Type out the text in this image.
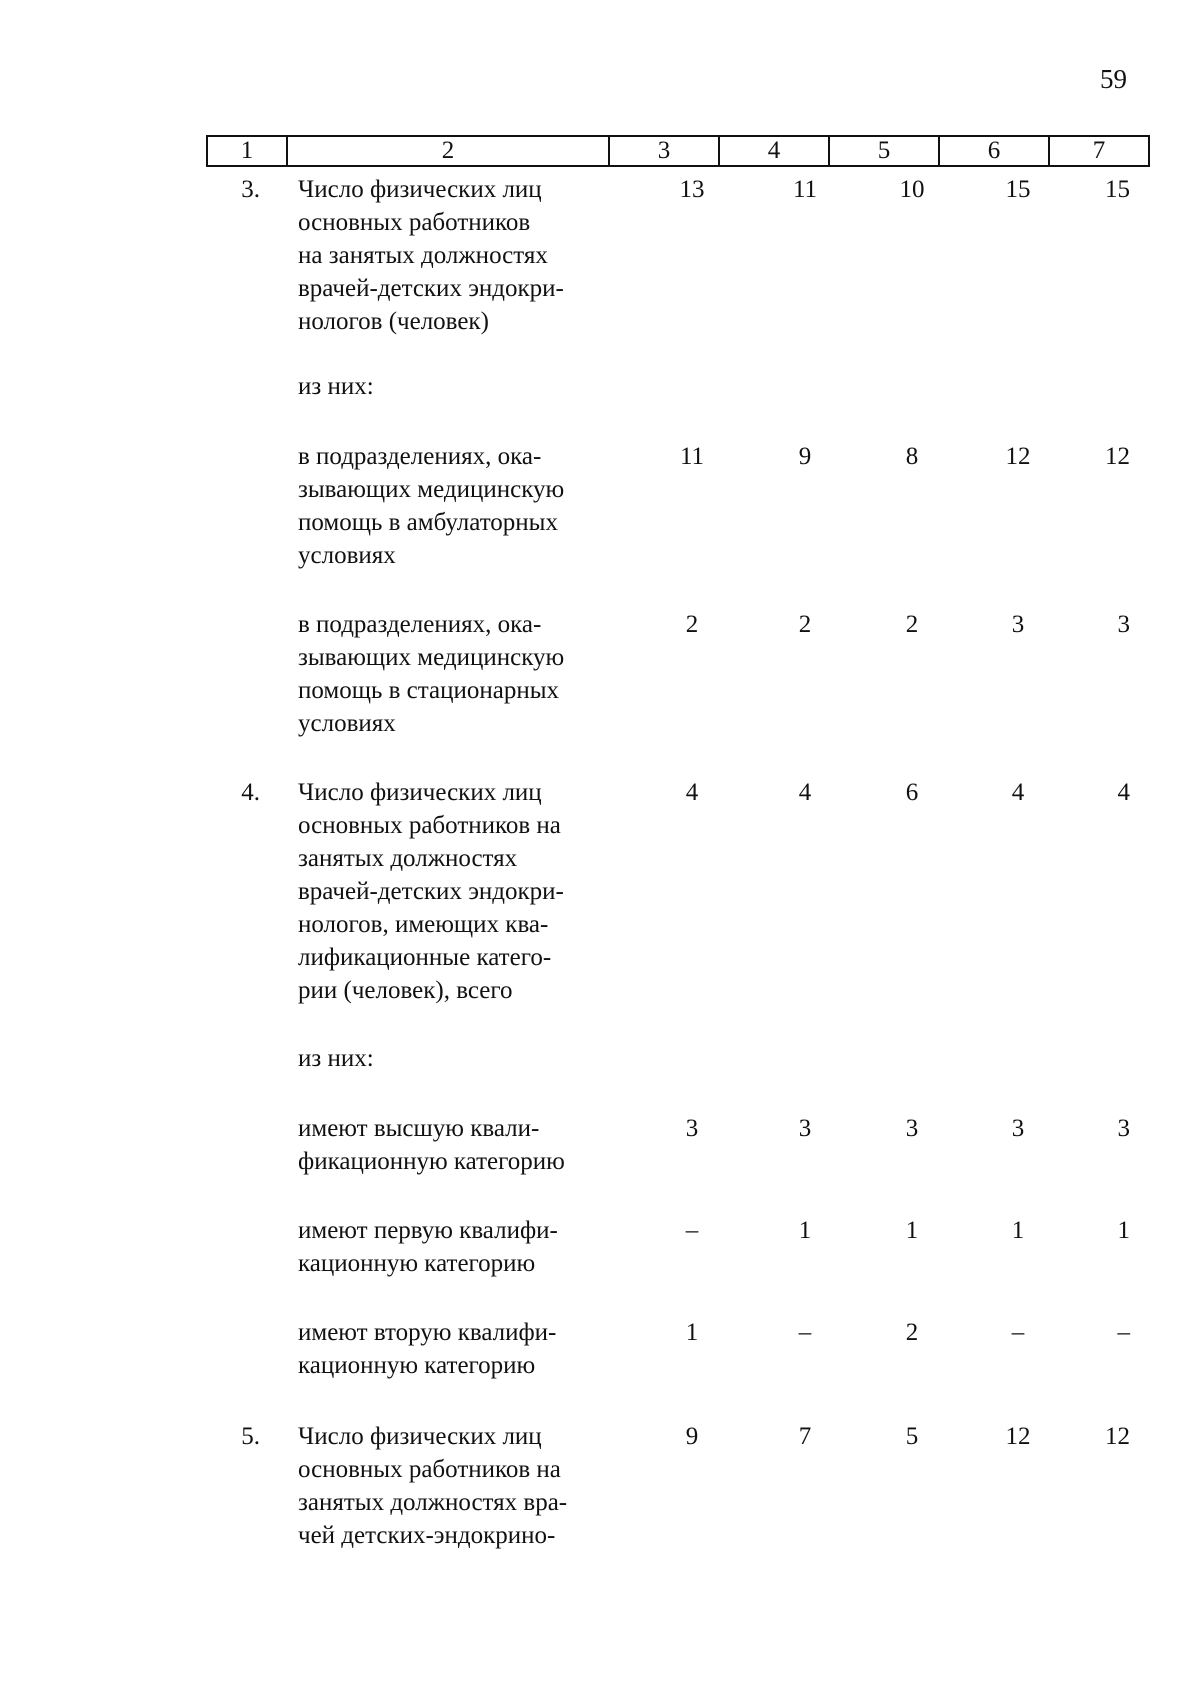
59
1	2	3	4	5	6	7
3. Число физических лиц
основных работников
на занятых должностях
врачей-детских эндокри-
нологов (человек)
13	11	10	15	15
из них:
в подразделениях, ока-
зывающих медицинскую
помощь в амбулаторных
условиях
11	9	8	12	12
в подразделениях, ока-
зывающих медицинскую
помощь в стационарных
условиях
2	2	2	3	3
4. Число физических лиц
основных работников на
занятых должностях
врачей-детских эндокри-
нологов, имеющих ква-
лификационные катего-
рии (человек), всего
4	4	6	4	4
из них:
имеют высшую квали-
фикационную категорию
3	3	3	3	3
имеют первую квалифи-
кационную категорию
–	1	1	1	1
имеют вторую квалифи-
кационную категорию
1	–	2	–	–
5. Число физических лиц
основных работников на
занятых должностях вра-
чей детских-эндокрино-
9	7	5	12	12
